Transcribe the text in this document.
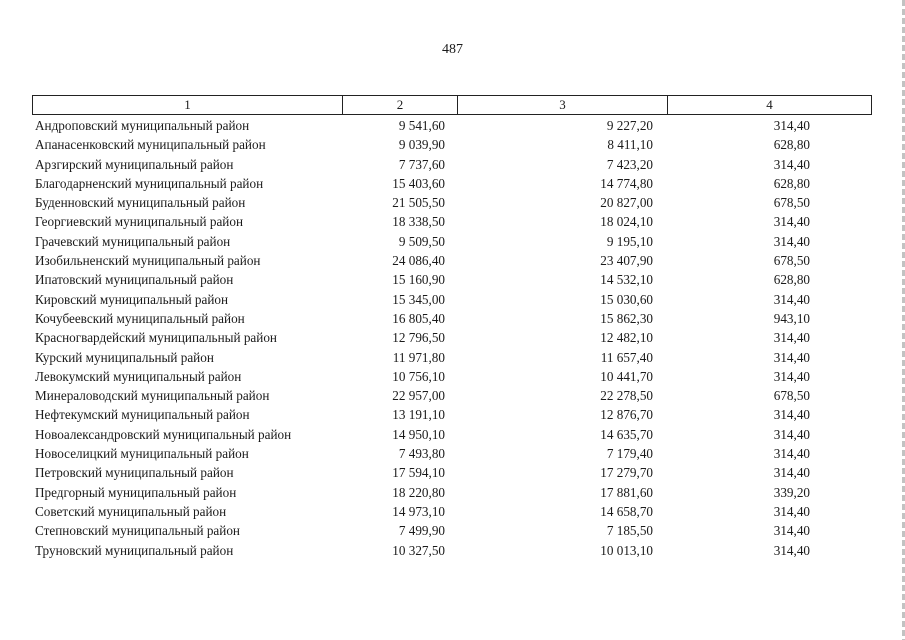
487
1	2	3	4
Андроповский муниципальный район	9 541,60	9 227,20	314,40
Апанасенковский муниципальный район	9 039,90	8 411,10	628,80
Арзгирский муниципальный район	7 737,60	7 423,20	314,40
Благодарненский муниципальный район	15 403,60	14 774,80	628,80
Буденновский муниципальный район	21 505,50	20 827,00	678,50
Георгиевский муниципальный район	18 338,50	18 024,10	314,40
Грачевский муниципальный район	9 509,50	9 195,10	314,40
Изобильненский муниципальный район	24 086,40	23 407,90	678,50
Ипатовский муниципальный район	15 160,90	14 532,10	628,80
Кировский муниципальный район	15 345,00	15 030,60	314,40
Кочубеевский муниципальный район	16 805,40	15 862,30	943,10
Красногвардейский муниципальный район	12 796,50	12 482,10	314,40
Курский муниципальный район	11 971,80	11 657,40	314,40
Левокумский муниципальный район	10 756,10	10 441,70	314,40
Минераловодский муниципальный район	22 957,00	22 278,50	678,50
Нефтекумский муниципальный район	13 191,10	12 876,70	314,40
Новоалександровский муниципальный район	14 950,10	14 635,70	314,40
Новоселицкий муниципальный район	7 493,80	7 179,40	314,40
Петровский муниципальный район	17 594,10	17 279,70	314,40
Предгорный муниципальный район	18 220,80	17 881,60	339,20
Советский муниципальный район	14 973,10	14 658,70	314,40
Степновский муниципальный район	7 499,90	7 185,50	314,40
Труновский муниципальный район	10 327,50	10 013,10	314,40
